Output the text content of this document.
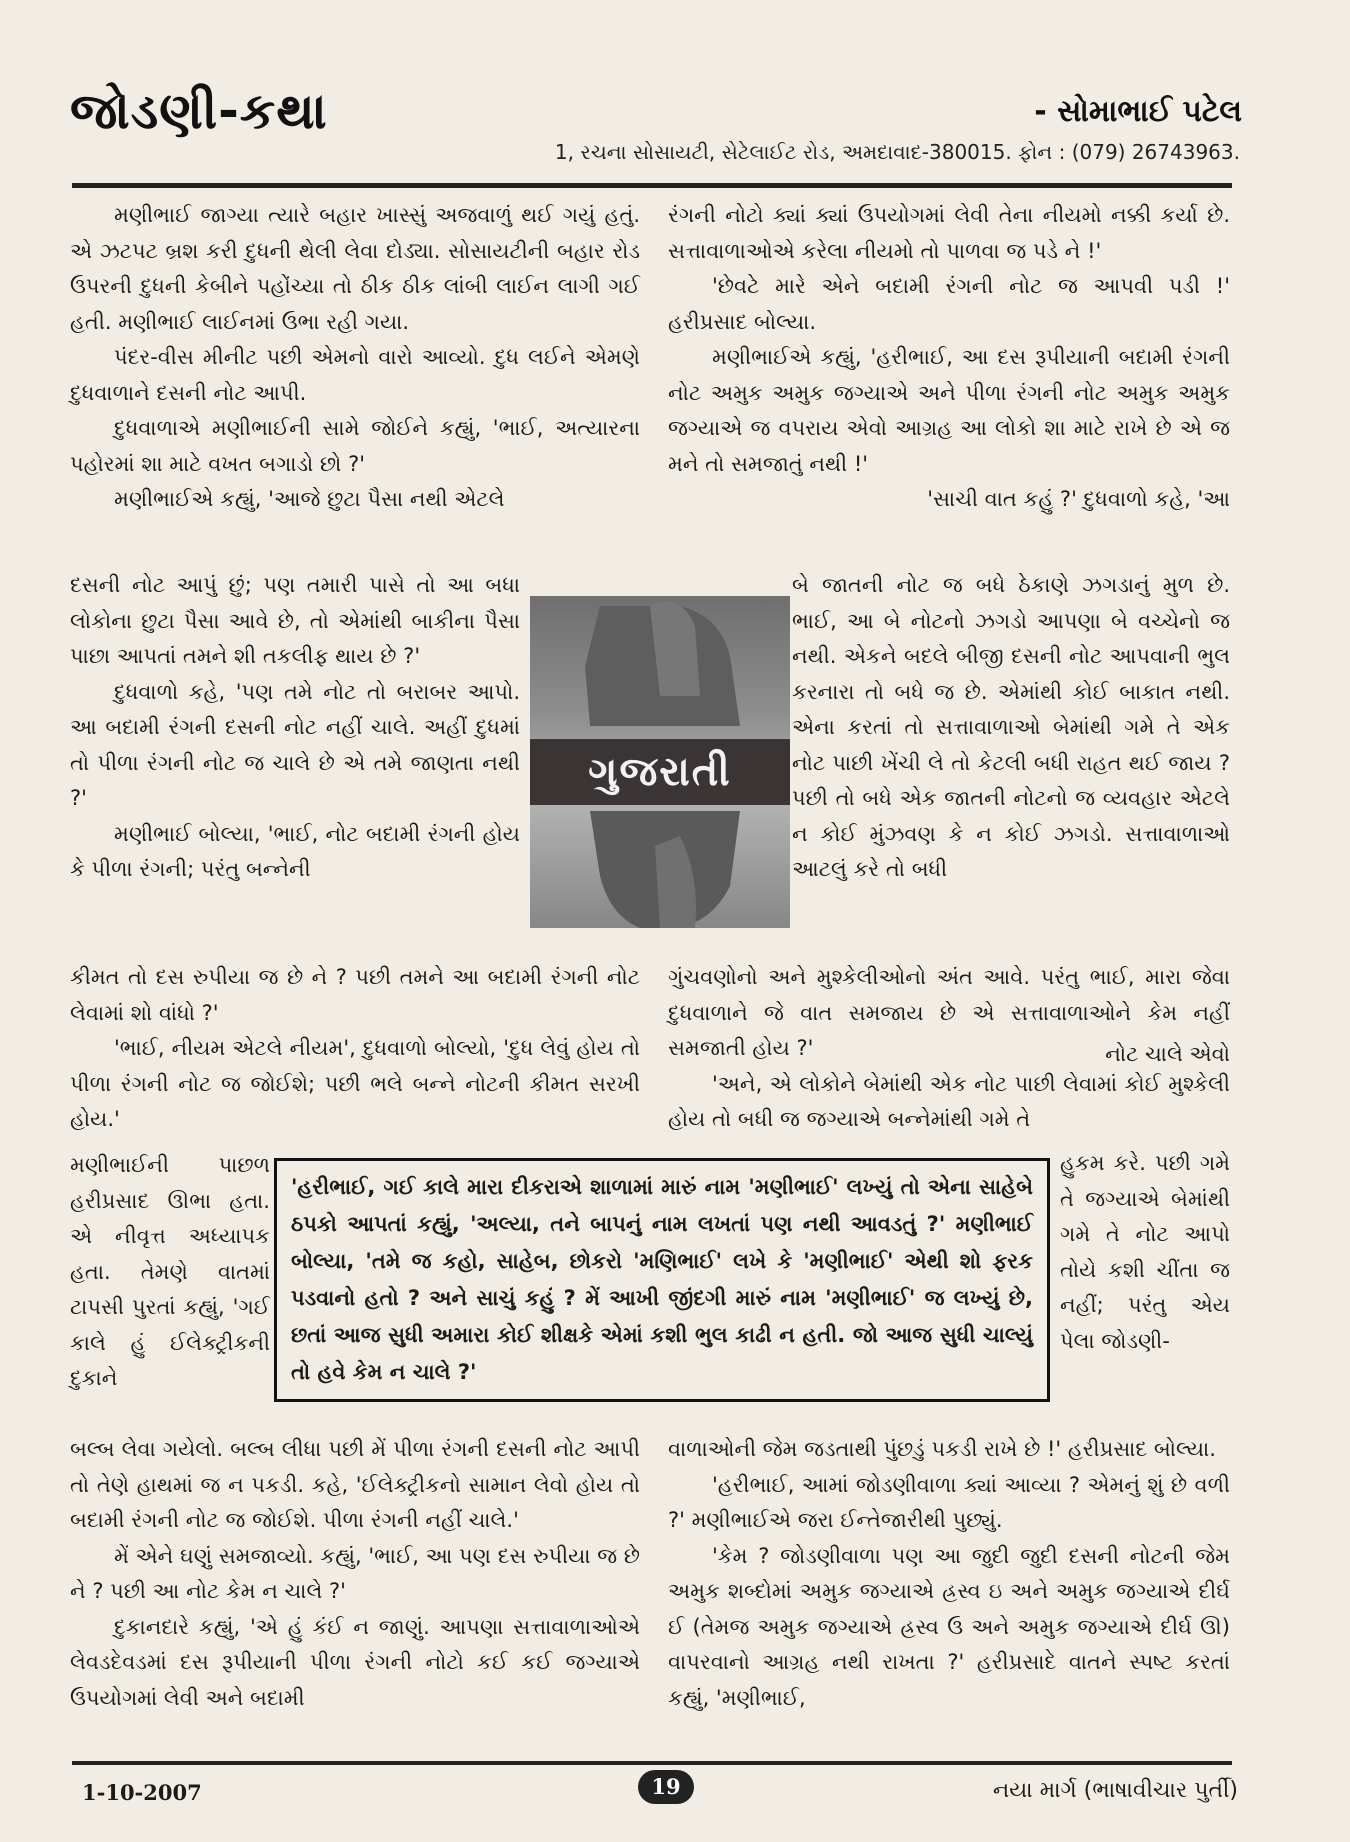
જોડણી-કથા	- સોમાભાઈ પટેલ
1, રચના સોસાયટી, સેટેલાઈટ રોડ, અમદાવાદ-380015. ફોન : (079) 26743963.

મણીભાઈ જાગ્યા ત્યારે બહાર ખાસ્સું અજવાળું થઈ ગયું હતું. એ ઝટપટ બ્રશ કરી દુધની થેલી લેવા દોડ્યા. સોસાયટીની બહાર રોડ ઉપરની દુધની કેબીને પહોંચ્યા તો ઠીક ઠીક લાંબી લાઈન લાગી ગઈ હતી. મણીભાઈ લાઈનમાં ઉભા રહી ગયા.

પંદર-વીસ મીનીટ પછી એમનો વારો આવ્યો. દુધ લઈને એમણે દુધવાળાને દસની નોટ આપી.

દુધવાળાએ મણીભાઈની સામે જોઈને કહ્યું, 'ભાઈ, અત્યારના પહોરમાં શા માટે વખત બગાડો છો ?'

મણીભાઈએ કહ્યું, 'આજે છુટા પૈસા નથી એટલે

રંગની નોટો ક્યાં ક્યાં ઉપયોગમાં લેવી તેના નીયમો નક્કી કર્યા છે. સત્તાવાળાઓએ કરેલા નીયમો તો પાળવા જ પડે ને !'

'છેવટે મારે એને બદામી રંગની નોટ જ આપવી પડી !' હરીપ્રસાદ બોલ્યા.

મણીભાઈએ કહ્યું, 'હરીભાઈ, આ દસ રૂપીયાની બદામી રંગની નોટ અમુક અમુક જગ્યાએ અને પીળા રંગની નોટ અમુક અમુક જગ્યાએ જ વપરાય એવો આગ્રહ આ લોકો શા માટે રાખે છે એ જ મને તો સમજાતું નથી !'

'સાચી વાત કહું ?' દુધવાળો કહે, 'આ

દસની નોટ આપું છું; પણ તમારી પાસે તો આ બધા લોકોના છુટા પૈસા આવે છે, તો એમાંથી બાકીના પૈસા પાછા આપતાં તમને શી તકલીફ થાય છે ?'

દુધવાળો કહે, 'પણ તમે નોટ તો બરાબર આપો. આ બદામી રંગની દસની નોટ નહીં ચાલે. અહીં દુધમાં તો પીળા રંગની નોટ જ ચાલે છે એ તમે જાણતા નથી ?'

મણીભાઈ બોલ્યા, 'ભાઈ, નોટ બદામી રંગની હોય કે પીળા રંગની; પરંતુ બન્નેની

ગુજરાતી

બે જાતની નોટ જ બધે ઠેકાણે ઝગડાનું મુળ છે. ભાઈ, આ બે નોટનો ઝગડો આપણા બે વચ્ચેનો જ નથી. એકને બદલે બીજી દસની નોટ આપવાની ભુલ કરનારા તો બધે જ છે. એમાંથી કોઈ બાકાત નથી. એના કરતાં તો સત્તાવાળાઓ બેમાંથી ગમે તે એક નોટ પાછી ખેંચી લે તો કેટલી બધી રાહત થઈ જાય ? પછી તો બધે એક જાતની નોટનો જ વ્યવહાર એટલે ન કોઈ મુંઝવણ કે ન કોઈ ઝગડો. સત્તાવાળાઓ આટલું કરે તો બધી

કીમત તો દસ રુપીયા જ છે ને ? પછી તમને આ બદામી રંગની નોટ લેવામાં શો વાંધો ?'

'ભાઈ, નીયમ એટલે નીયમ', દુધવાળો બોલ્યો, 'દુધ લેવું હોય તો પીળા રંગની નોટ જ જોઈશે; પછી ભલે બન્ને નોટની કીમત સરખી હોય.'

ગુંચવણોનો અને મુશ્કેલીઓનો અંત આવે. પરંતુ ભાઈ, મારા જેવા દુધવાળાને જે વાત સમજાય છે એ સત્તાવાળાઓને કેમ નહીં સમજાતી હોય ?'

'અને, એ લોકોને બેમાંથી એક નોટ પાછી લેવામાં કોઈ મુશ્કેલી હોય તો બધી જ જગ્યાએ બન્નેમાંથી ગમે તે

નોટ ચાલે એવો

મણીભાઈની પાછળ હરીપ્રસાદ ઊભા હતા. એ નીવૃત્ત અધ્યાપક હતા. તેમણે વાતમાં ટાપસી પુરતાં કહ્યું, 'ગઈ કાલે હું ઈલેક્ટ્રીકની દુકાને

હુકમ કરે. પછી ગમે તે જગ્યાએ બેમાંથી ગમે તે નોટ આપો તોયે કશી ચીંતા જ નહીં; પરંતુ એય પેલા જોડણી-

'હરીભાઈ, ગઈ કાલે મારા દીકરાએ શાળામાં મારું નામ 'મણીભાઈ' લખ્યું તો એના સાહેબે ઠપકો આપતાં કહ્યું, 'અલ્યા, તને બાપનું નામ લખતાં પણ નથી આવડતું ?' મણીભાઈ બોલ્યા, 'તમે જ કહો, સાહેબ, છોકરો 'મણિભાઈ' લખે કે 'મણીભાઈ' એથી શો ફરક પડવાનો હતો ? અને સાચું કહું ? મેં આખી જીંદગી મારું નામ 'મણીભાઈ' જ લખ્યું છે, છતાં આજ સુધી અમારા કોઈ શીક્ષકે એમાં કશી ભુલ કાઢી ન હતી. જો આજ સુધી ચાલ્યું તો હવે કેમ ન ચાલે ?'

બલ્બ લેવા ગયેલો. બલ્બ લીધા પછી મેં પીળા રંગની દસની નોટ આપી તો તેણે હાથમાં જ ન પકડી. કહે, 'ઈલેક્ટ્રીકનો સામાન લેવો હોય તો બદામી રંગની નોટ જ જોઈશે. પીળા રંગની નહીં ચાલે.'

મેં એને ઘણું સમજાવ્યો. કહ્યું, 'ભાઈ, આ પણ દસ રુપીયા જ છે ને ? પછી આ નોટ કેમ ન ચાલે ?'

દુકાનદારે કહ્યું, 'એ હું કંઈ ન જાણું. આપણા સત્તાવાળાઓએ લેવડદેવડમાં દસ રૂપીયાની પીળા રંગની નોટો કઈ કઈ જગ્યાએ ઉપયોગમાં લેવી અને બદામી

વાળાઓની જેમ જડતાથી પુંછડું પકડી રાખે છે !' હરીપ્રસાદ બોલ્યા.

'હરીભાઈ, આમાં જોડણીવાળા ક્યાં આવ્યા ? એમનું શું છે વળી ?' મણીભાઈએ જરા ઈન્તેજારીથી પુછ્યું.

'કેમ ? જોડણીવાળા પણ આ જુદી જુદી દસની નોટની જેમ અમુક શબ્દોમાં અમુક જગ્યાએ હ્રસ્વ ઇ અને અમુક જગ્યાએ દીર્ઘ ઈ (તેમજ અમુક જગ્યાએ હ્રસ્વ ઉ અને અમુક જગ્યાએ દીર્ઘ ઊ) વાપરવાનો આગ્રહ નથી રાખતા ?' હરીપ્રસાદે વાતને સ્પષ્ટ કરતાં કહ્યું, 'મણીભાઈ,

1-10-2007	19	નયા માર્ગ (ભાષાવીચાર પુર્તી)
